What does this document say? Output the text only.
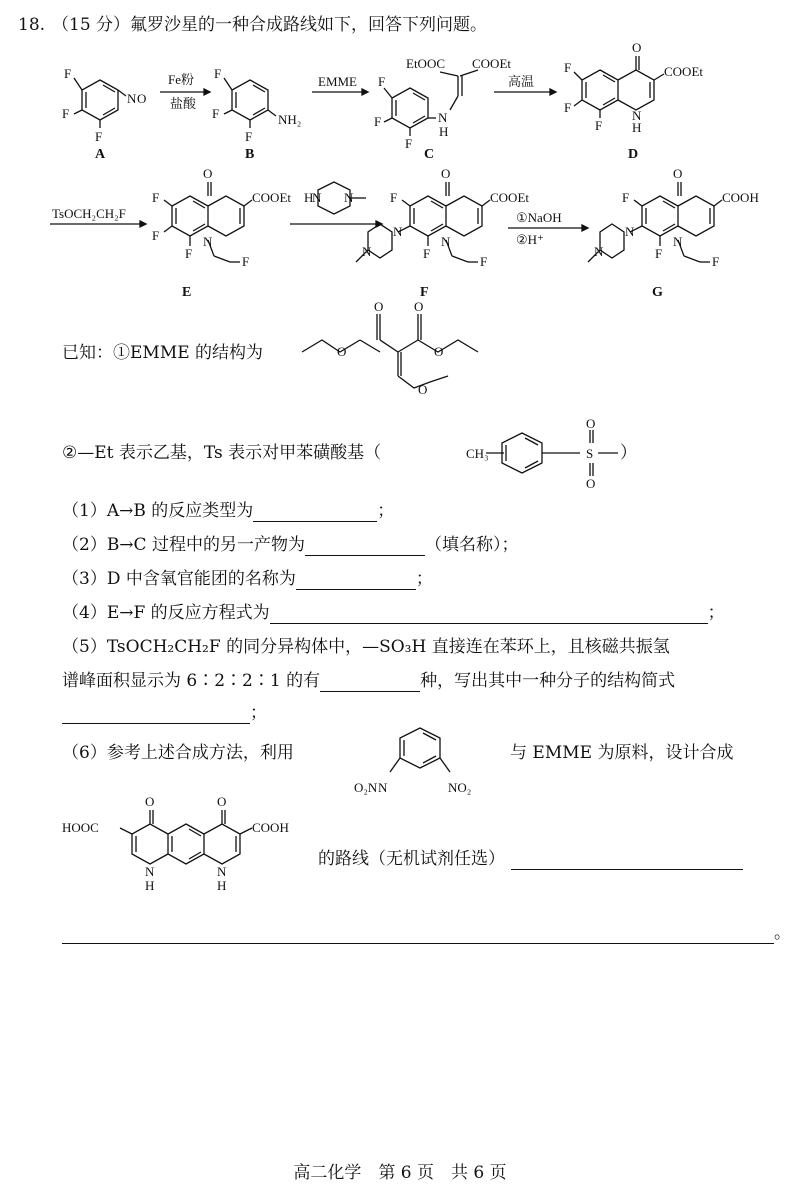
18. （15 分）氟罗沙星的一种合成路线如下，回答下列问题。
F
F
F
N O
A
Fe粉
盐酸
F
F
F
NH₂
B
EMME F
F
F
N
H
EtOOC COOEt
C
高温
O
COOEt
F
F
F
N
H
D
TsOCH₂CH₂F
O
COOEt
F
F
F
N
F
E
H
N N
O
COOEt
F
F
N
F
N
N
F
①NaOH
②H⁺
O
COOH
F
F
N
F
N
N
G
O
O O
O
O
CH₃	S
O
O
O₂N N	NO₂
O	O
HOOC	COOH
N
H
N
H
已知：①EMME 的结构为
②—Et 表示乙基，Ts 表示对甲苯磺酸基（	）
（1）A→B 的反应类型为	；
（2）B→C 过程中的另一产物为	（填名称）；
（3）D 中含氧官能团的名称为	；
（4）E→F 的反应方程式为	；
（5）TsOCH₂CH₂F 的同分异构体中，—SO₃H 直接连在苯环上，且核磁共振氢
谱峰面积显示为 6∶2∶2∶1 的有	种，写出其中一种分子的结构简式
；
（6）参考上述合成方法，利用	与 EMME 为原料，设计合成
的路线（无机试剂任选）
。
高二化学　第 6 页　共 6 页
